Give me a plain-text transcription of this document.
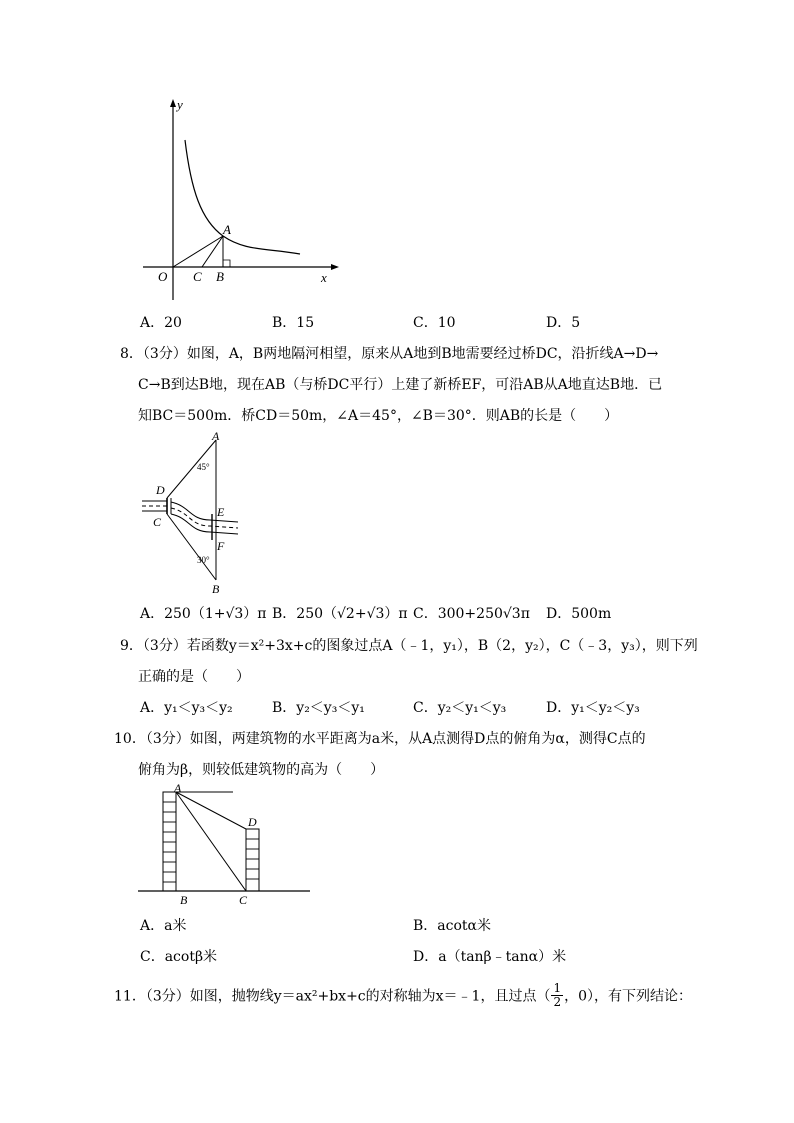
y
x
O
A
C B
A．20	B．15	C．10	D．5
8．（3分）如图，A，B两地隔河相望，原来从A地到B地需要经过桥DC，沿折线A→D→
C→B到达B地，现在AB（与桥DC平行）上建了新桥EF，可沿AB从A地直达B地．已
知BC＝500m．桥CD＝50m，∠A＝45°，∠B＝30°．则AB的长是（　　）
A
45°
D
C
E
F
30°
B
A．250（1+√3）π B．250（√2+√3）π C．300+250√3π D．500m
9．（3分）若函数y＝x²+3x+c的图象过点A（﹣1，y₁），B（2，y₂），C（﹣3，y₃），则下列
正确的是（　　）
A．y₁＜y₃＜y₂	B．y₂＜y₃＜y₁	C．y₂＜y₁＜y₃	D．y₁＜y₂＜y₃
10．（3分）如图，两建筑物的水平距离为a米，从A点测得D点的俯角为α，测得C点的
俯角为β，则较低建筑物的高为（　　）
A
D
B	C
A．a米	B．acotα米
C．acotβ米	D．a（tanβ﹣tanα）米
11．（3分）如图，抛物线y＝ax²+bx+c的对称轴为x＝﹣1，且过点（ $\frac{1}{2}$ ，0），有下列结论：
